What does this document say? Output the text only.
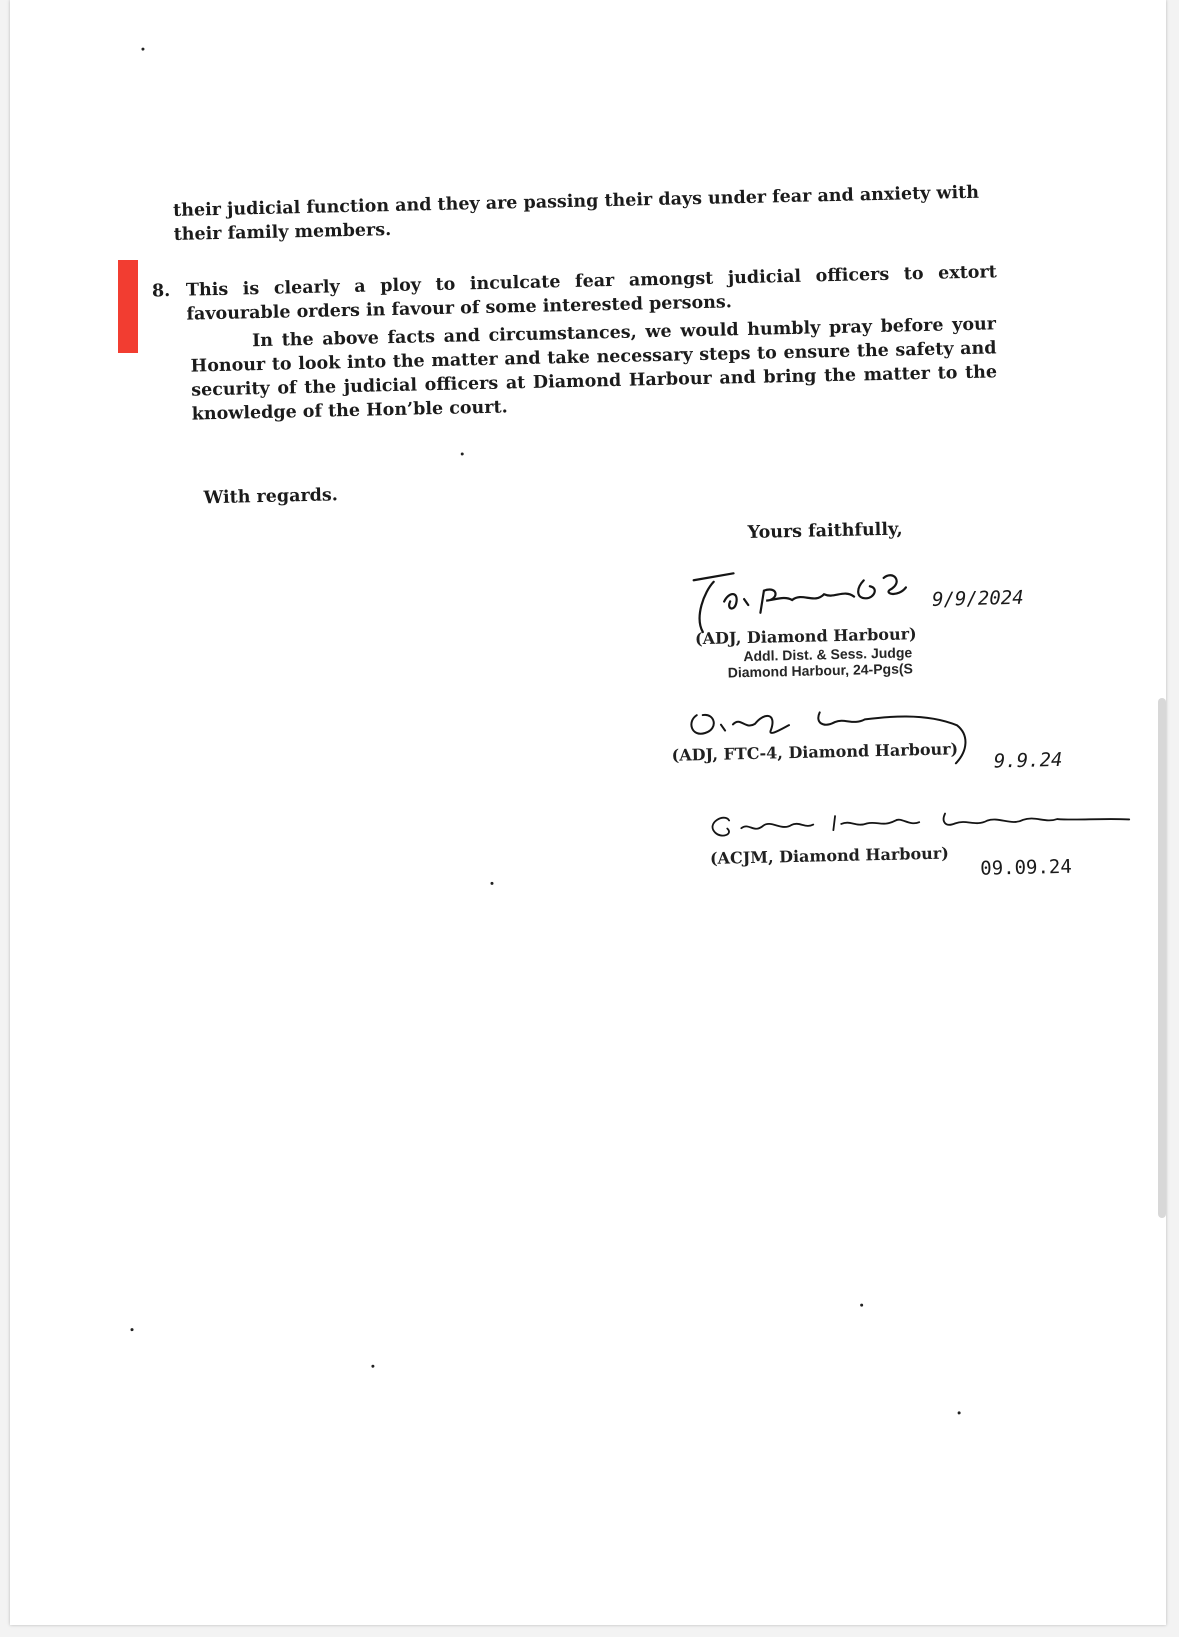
their judicial function and they are passing their days under fear and anxiety with their family members.
8. This is clearly a ploy to inculcate fear amongst judicial officers to extort favourable orders in favour of some interested persons.
In the above facts and circumstances, we would humbly pray before your Honour to look into the matter and take necessary steps to ensure the safety and security of the judicial officers at Diamond Harbour and bring the matter to the knowledge of the Hon’ble court.
With regards.
Yours faithfully,
9/9/2024
(ADJ, Diamond Harbour)
Addl. Dist. & Sess. Judge
Diamond Harbour, 24-Pgs(S
(ADJ, FTC-4, Diamond Harbour) 9.9.24
(ACJM, Diamond Harbour) 09.09.24
